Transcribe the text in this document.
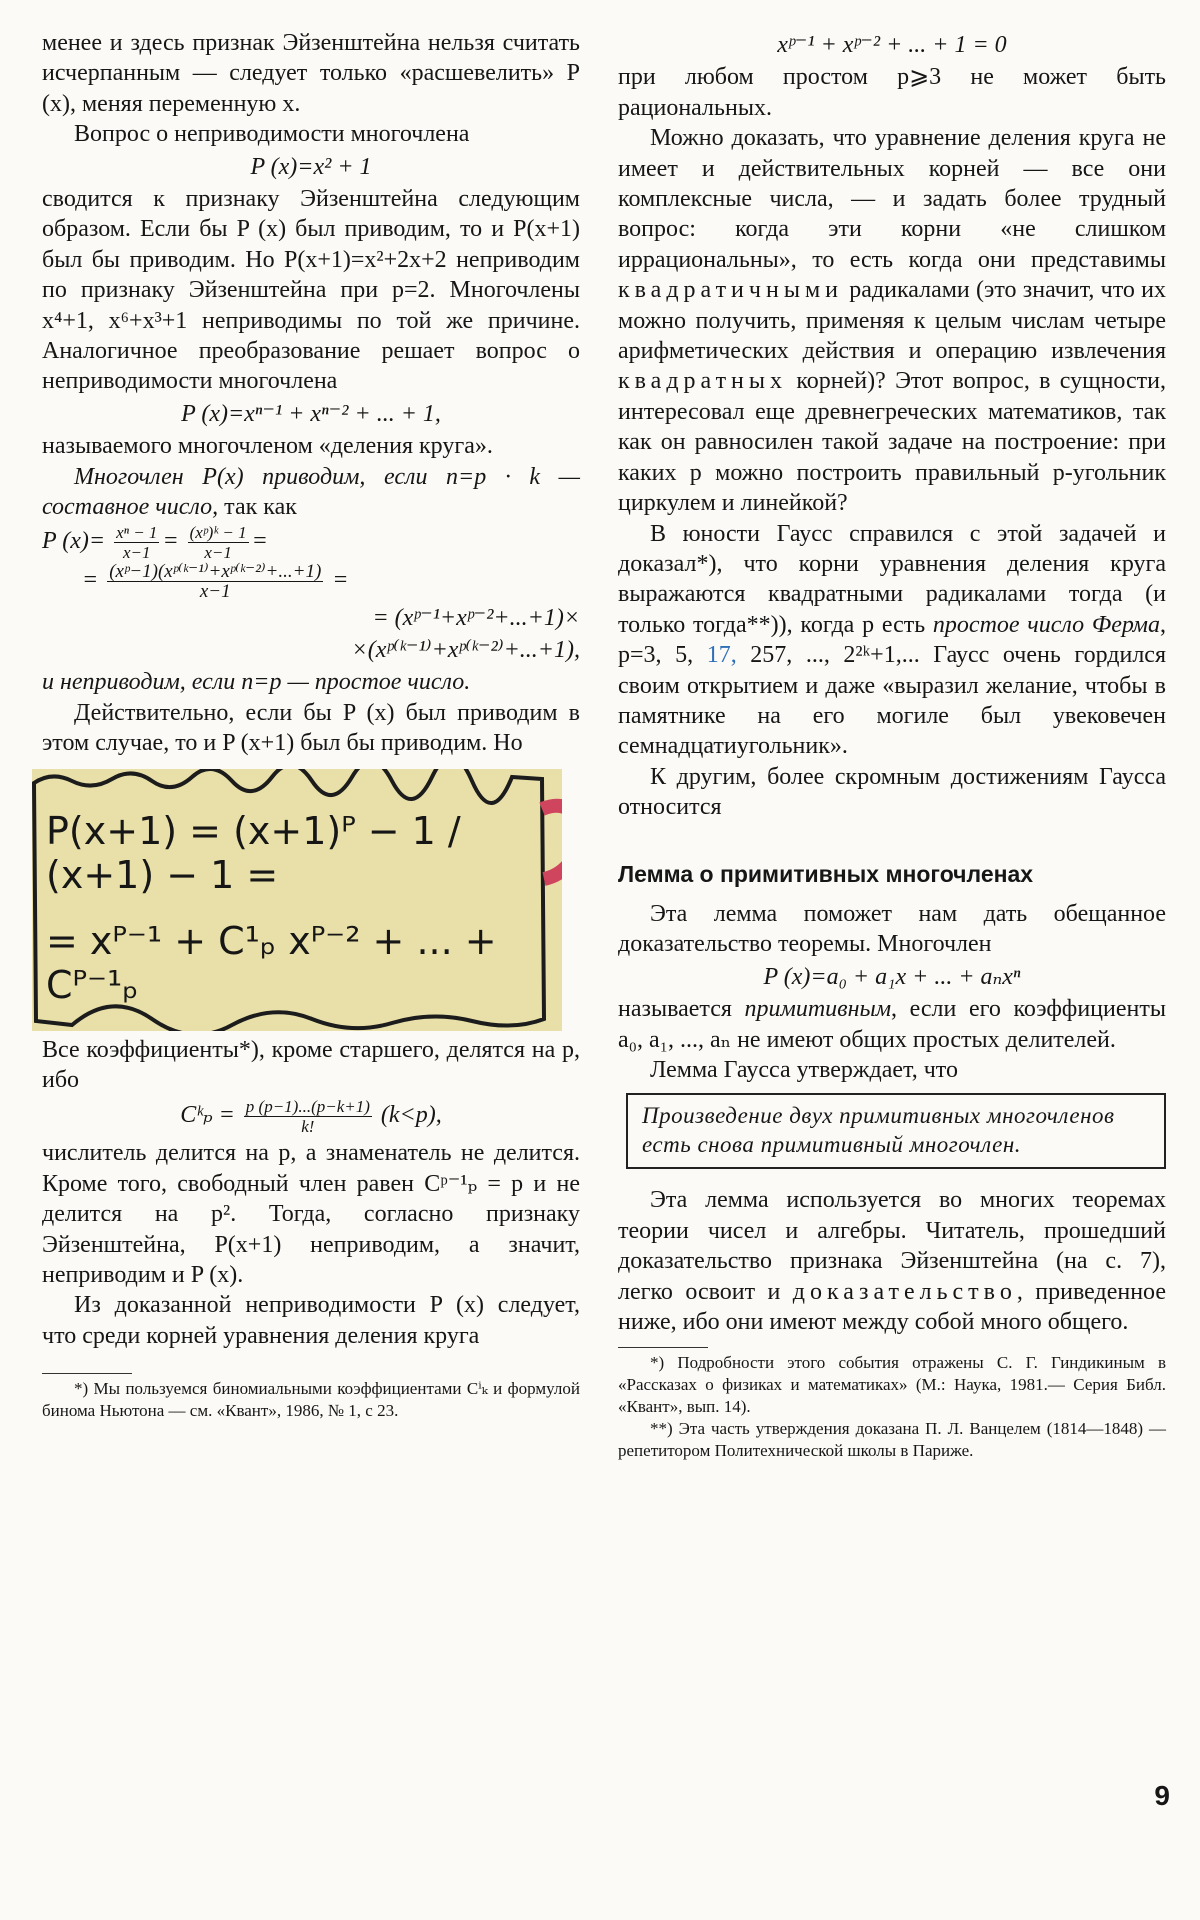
менее и здесь признак Эйзенштейна нельзя считать исчерпанным — следует только «расшевелить» P (x), меняя переменную x.

Вопрос о неприводимости многочлена

P (x)=x² + 1

сводится к признаку Эйзенштейна следующим образом. Если бы P (x) был приводим, то и P(x+1) был бы приводим. Но P(x+1)=x²+2x+2 неприводим по признаку Эйзенштейна при p=2. Многочлены x⁴+1, x⁶+x³+1 неприводимы по той же причине. Аналогичное преобразование решает вопрос о неприводимости многочлена

P (x)=xⁿ⁻¹ + xⁿ⁻² + ... + 1,

называемого многочленом «деления круга».

Многочлен P(x) приводим, если n=p · k — составное число, так как

P $(x)= \frac{\text{xⁿ − 1}}{x-1} = \frac{\text{(xᵖ)ᵏ − 1}}{x-1}$ =
= $\frac{\text{(xᵖ−1)(xᵖ⁽ᵏ⁻¹⁾+xᵖ⁽ᵏ⁻²⁾+...+1)}}{x-1}$ =
= (xᵖ⁻¹+xᵖ⁻²+...+1)×
×(xᵖ⁽ᵏ⁻¹⁾+xᵖ⁽ᵏ⁻²⁾+...+1),

и неприводим, если n=p — простое число.

Действительно, если бы P (x) был приводим в этом случае, то и P (x+1) был бы приводим. Но

P(x+1) = (x+1)ᴾ − 1 / (x+1) − 1 =
= xᴾ⁻¹ + C¹ₚ xᴾ⁻² + ... + Cᴾ⁻¹ₚ

Все коэффициенты*), кроме старшего, делятся на p, ибо

Cᵏₚ = $\frac{p (p-1)...(p-k+1)}{k!} (k<p)$,

числитель делится на p, а знаменатель не делится. Кроме того, свободный член равен Cᵖ⁻¹ₚ = p и не делится на p². Тогда, согласно признаку Эйзенштейна, P(x+1) неприводим, а значит, неприводим и P (x).

Из доказанной неприводимости P (x) следует, что среди корней уравнения деления круга

*) Мы пользуемся биномиальными коэффициентами Cⁱₖ и формулой бинома Ньютона — см. «Квант», 1986, № 1, с 23.

xᵖ⁻¹ + xᵖ⁻² + ... + 1 = 0

при любом простом p⩾3 не может быть рациональных.

Можно доказать, что уравнение деления круга не имеет и действительных корней — все они комплексные числа, — и задать более трудный вопрос: когда эти корни «не слишком иррациональны», то есть когда они представимы квадратичными радикалами (это значит, что их можно получить, применяя к целым числам четыре арифметических действия и операцию извлечения квадратных корней)? Этот вопрос, в сущности, интересовал еще древнегреческих математиков, так как он равносилен такой задаче на построение: при каких p можно построить правильный p-угольник циркулем и линейкой?

В юности Гаусс справился с этой задачей и доказал*), что корни уравнения деления круга выражаются квадратными радикалами тогда (и только тогда**)), когда p есть простое число Ферма, p=3, 5, 17, 257, ..., 2²ᵏ+1,... Гаусс очень гордился своим открытием и даже «выразил желание, чтобы в памятнике на его могиле был увековечен семнадцатиугольник».

К другим, более скромным достижениям Гаусса относится

Лемма о примитивных многочленах

Эта лемма поможет нам дать обещанное доказательство теоремы. Многочлен

P (x)=a₀ + a₁x + ... + aₙxⁿ

называется примитивным, если его коэффициенты a₀, a₁, ..., aₙ не имеют общих простых делителей.

Лемма Гаусса утверждает, что

Произведение двух примитивных многочленов есть снова примитивный многочлен.

Эта лемма используется во многих теоремах теории чисел и алгебры. Читатель, прошедший доказательство признака Эйзенштейна (на с. 7), легко освоит и доказательство, приведенное ниже, ибо они имеют между собой много общего.

*) Подробности этого события отражены С. Г. Гиндикиным в «Рассказах о физиках и математиках» (М.: Наука, 1981.— Серия Библ. «Квант», вып. 14).

**) Эта часть утверждения доказана П. Л. Ванцелем (1814—1848) — репетитором Политехнической школы в Париже.

9
